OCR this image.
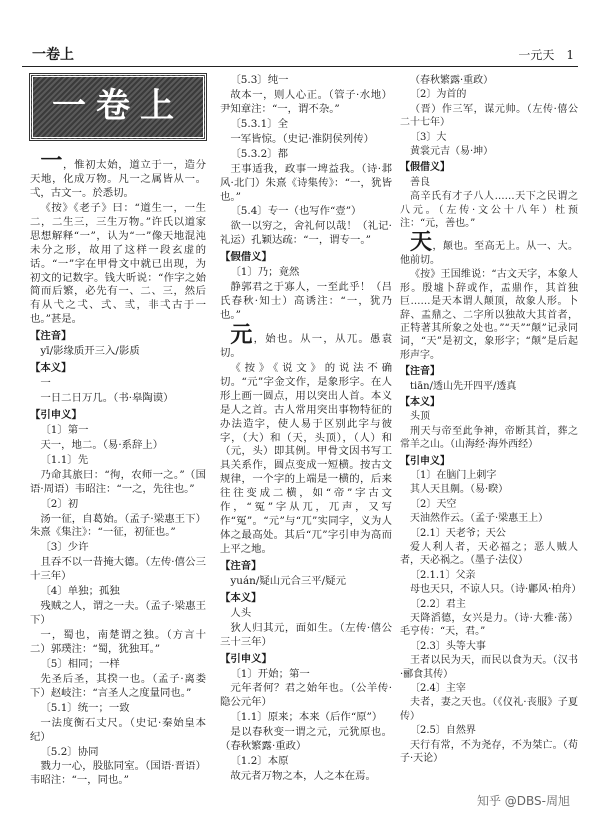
一卷上	一元天　1
一卷上
一，惟初太始，道立于一，造分天地，化成万物。凡一之属皆从一。弌，古文一。於悉切。
《按》《老子》曰：“道生一，一生二，二生三，三生万物。”许氏以道家思想解释“一”，认为“一”像天地混沌未分之形，故用了这样一段玄虚的话。“一”字在甲骨文中就已出现，为初文的记数字。钱大昕说：“作字之始简而后繁，必先有一、二、三，然后有从弋之弌、弍、弎，非弌古于一也。”甚是。
【注音】
yī/影缘质开三入/影质
【本义】
一
一日二日万几。（书·皋陶谟）
【引申义】
〔1〕第一
天一，地二。（易·系辞上）
〔1.1〕先
乃命其旅曰：“徇，农师一之。”（国语·周语）韦昭注：“一之，先往也。”
〔2〕初
汤一征，自葛始。（孟子·梁惠王下）朱熹《集注》：“一征，初征也。”
〔3〕少许
且吞不以一昔掩大德。（左传·僖公三十三年）
〔4〕单独；孤独
残贼之人，谓之一夫。（孟子·梁惠王下）
一，蜀也，南楚谓之独。（方言十二）郭璞注：“蜀，犹独耳。”
〔5〕相同；一样
先圣后圣，其揆一也。（孟子·离娄下）赵岐注：“言圣人之度量同也。”
〔5.1〕统一；一致
一法度衡石丈尺。（史记·秦始皇本纪）
〔5.2〕协同
戮力一心，股肱同室。（国语·晋语）韦昭注：“一，同也。”
〔5.3〕纯一
故本一，则人心正。（管子·水地）尹知章注：“一，谓不杂。”
〔5.3.1〕全
一军皆惊。（史记·淮阴侯列传）
〔5.3.2〕都
王事适我，政事一埤益我。（诗·邶风·北门）朱熹《诗集传》：“一，犹皆也。”
〔5.4〕专一（也写作“壹”）
欲一以穷之，舍礼何以哉！（礼记·礼运）孔颖达疏：“一，谓专一。”
【假借义】
〔1〕乃；竟然
静郭君之于寡人，一至此乎！（吕氏春秋·知士）高诱注：“一，犹乃也。”
元，始也。从一，从兀。愚袁切。
《按》《说文》的说法不确切。“元”字金文作，是象形字。在人形上画一圆点，用以突出人首。本义是人之首。古人常用突出事物特征的办法造字，使人易于区别此字与彼字，（大）和（天，头顶），（人）和（元，头）即其例。甲骨文因书写工具关系作，圆点变成一短横。按古文规律，一个字的上端是一横的，后来往往变成二横，如“帝”字古文作，“冤”字从兀，兀声，又写作“冤”。“元”与“兀”实同字，义为人体之最高处。其后“兀”字引申为高而上平之地。
【注音】
yuán/疑山元合三平/疑元
【本义】
人头
狄人归其元，面如生。（左传·僖公三十三年）
【引申义】
〔1〕开始；第一
元年者何？君之始年也。（公羊传·隐公元年）
〔1.1〕原来；本来（后作“原”）
是以春秋变一谓之元，元犹原也。（春秋繁露·重政）
〔1.2〕本原
故元者万物之本，人之本在焉。
（春秋繁露·重政）
〔2〕为首的
（晋）作三军，谋元帅。（左传·僖公二十七年）
〔3〕大
黄裳元吉（易·坤）
【假借义】
善良
高辛氏有才子八人……天下之民谓之八元。（左传·文公十八年）杜预注：“元，善也。”
天，颠也。至高无上。从一、大。他前切。
《按》王国维说：“古文天字，本象人形。殷墟卜辞或作，盂鼎作，其首独巨……是天本谓人颠顶，故象人形。卜辞、盂鼎之、二字所以独故大其首者，正特著其所象之处也。”“天”“颠”记录同词，“天”是初文，象形字；“颠”是后起形声字。
【注音】
tiān/透山先开四平/透真
【本义】
头顶
刑天与帝至此争神，帝断其首，葬之常羊之山。（山海经·海外西经）
【引申义】
〔1〕在脑门上刺字
其人天且劓。（易·睽）
〔2〕天空
天油然作云。（孟子·梁惠王上）
〔2.1〕天老爷；天公
爱人利人者，天必福之；恶人贼人者，天必祸之。（墨子·法仪）
〔2.1.1〕父亲
母也天只，不谅人只。（诗·鄘风·柏舟）
〔2.2〕君主
天降滔德，女兴是力。（诗·大雅·荡）毛亨传：“天，君。”
〔2.3〕头等大事
王者以民为天，而民以食为天。（汉书·郦食其传）
〔2.4〕主宰
夫者，妻之天也。（《仪礼·丧服》子夏传）
〔2.5〕自然界
天行有常，不为尧存，不为桀亡。（荀子·天论）
知乎 @DBS-周旭
